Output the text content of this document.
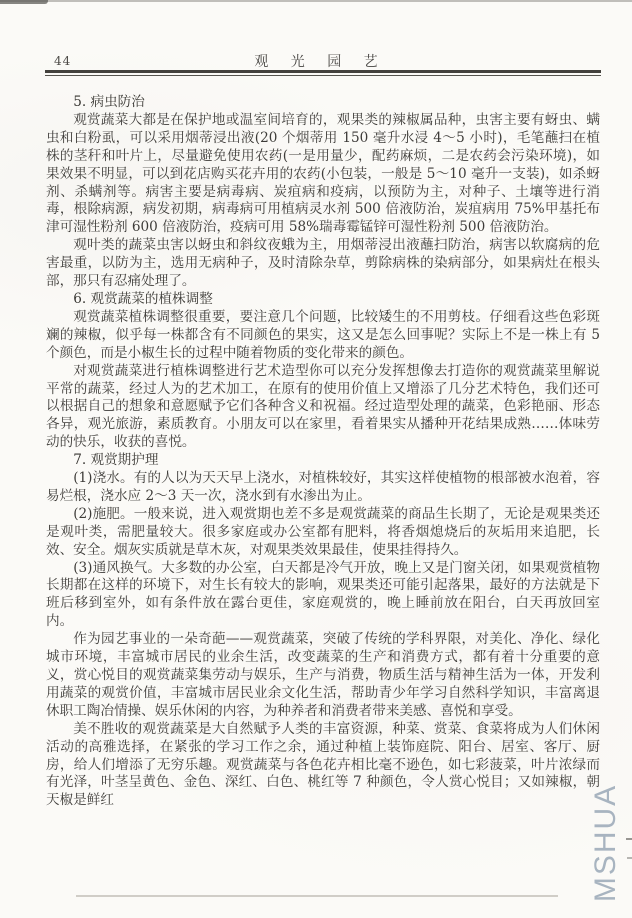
44	观 光 园 艺

5. 病虫防治

观赏蔬菜大都是在保护地或温室间培育的，观果类的辣椒属品种，虫害主要有蚜虫、螨虫和白粉虱，可以采用烟蒂浸出液(20 个烟蒂用 150 毫升水浸 4～5 小时)，毛笔蘸扫在植株的茎秆和叶片上，尽量避免使用农药(一是用量少，配药麻烦，二是农药会污染环境)，如果效果不明显，可以到花店购买花卉用的农药(小包装，一般是 5～10 毫升一支装)，如杀蚜剂、杀螨剂等。病害主要是病毒病、炭疽病和疫病，以预防为主，对种子、土壤等进行消毒，根除病源，病发初期，病毒病可用植病灵水剂 500 倍液防治，炭疽病用 75%甲基托布津可湿性粉剂 600 倍液防治，疫病可用 58%瑞毒霉锰锌可湿性粉剂 500 倍液防治。

观叶类的蔬菜虫害以蚜虫和斜纹夜蛾为主，用烟蒂浸出液蘸扫防治，病害以软腐病的危害最重，以防为主，选用无病种子，及时清除杂草，剪除病株的染病部分，如果病灶在根头部，那只有忍痛处理了。

6. 观赏蔬菜的植株调整

观赏蔬菜植株调整很重要，要注意几个问题，比较矮生的不用剪枝。仔细看这些色彩斑斓的辣椒，似乎每一株都含有不同颜色的果实，这又是怎么回事呢？实际上不是一株上有 5 个颜色，而是小椒生长的过程中随着物质的变化带来的颜色。

对观赏蔬菜进行植株调整进行艺术造型你可以充分发挥想像去打造你的观赏蔬菜里解说平常的蔬菜，经过人为的艺术加工，在原有的使用价值上又增添了几分艺术特色，我们还可以根据自己的想象和意愿赋予它们各种含义和祝福。经过造型处理的蔬菜，色彩艳丽、形态各异，观光旅游，素质教育。小朋友可以在家里，看着果实从播种开花结果成熟……体味劳动的快乐，收获的喜悦。

7. 观赏期护理

(1)浇水。有的人以为天天早上浇水，对植株较好，其实这样使植物的根部被水泡着，容易烂根，浇水应 2～3 天一次，浇水到有水渗出为止。

(2)施肥。一般来说，进入观赏期也差不多是观赏蔬菜的商品生长期了，无论是观果类还是观叶类，需肥量较大。很多家庭或办公室都有肥料，将香烟熄烧后的灰垢用来追肥，长效、安全。烟灰实质就是草木灰，对观果类效果最佳，使果挂得持久。

(3)通风换气。大多数的办公室，白天都是冷气开放，晚上又是门窗关闭，如果观赏植物长期都在这样的环境下，对生长有较大的影响，观果类还可能引起落果，最好的方法就是下班后移到室外，如有条件放在露台更佳，家庭观赏的，晚上睡前放在阳台，白天再放回室内。

作为园艺事业的一朵奇葩——观赏蔬菜，突破了传统的学科界限，对美化、净化、绿化城市环境，丰富城市居民的业余生活，改变蔬菜的生产和消费方式，都有着十分重要的意义，赏心悦目的观赏蔬菜集劳动与娱乐，生产与消费，物质生活与精神生活为一体，开发利用蔬菜的观赏价值，丰富城市居民业余文化生活，帮助青少年学习自然科学知识，丰富离退休职工陶冶情操、娱乐休闲的内容，为种养者和消费者带来美感、喜悦和享受。

美不胜收的观赏蔬菜是大自然赋予人类的丰富资源，种菜、赏菜、食菜将成为人们休闲活动的高雅选择，在紧张的学习工作之余，通过种植上装饰庭院、阳台、居室、客厅、厨房，给人们增添了无穷乐趣。观赏蔬菜与各色花卉相比毫不逊色，如七彩菠菜，叶片浓绿而有光泽，叶茎呈黄色、金色、深红、白色、桃红等 7 种颜色，令人赏心悦目；又如辣椒，朝天椒是鲜红	MSHUA
